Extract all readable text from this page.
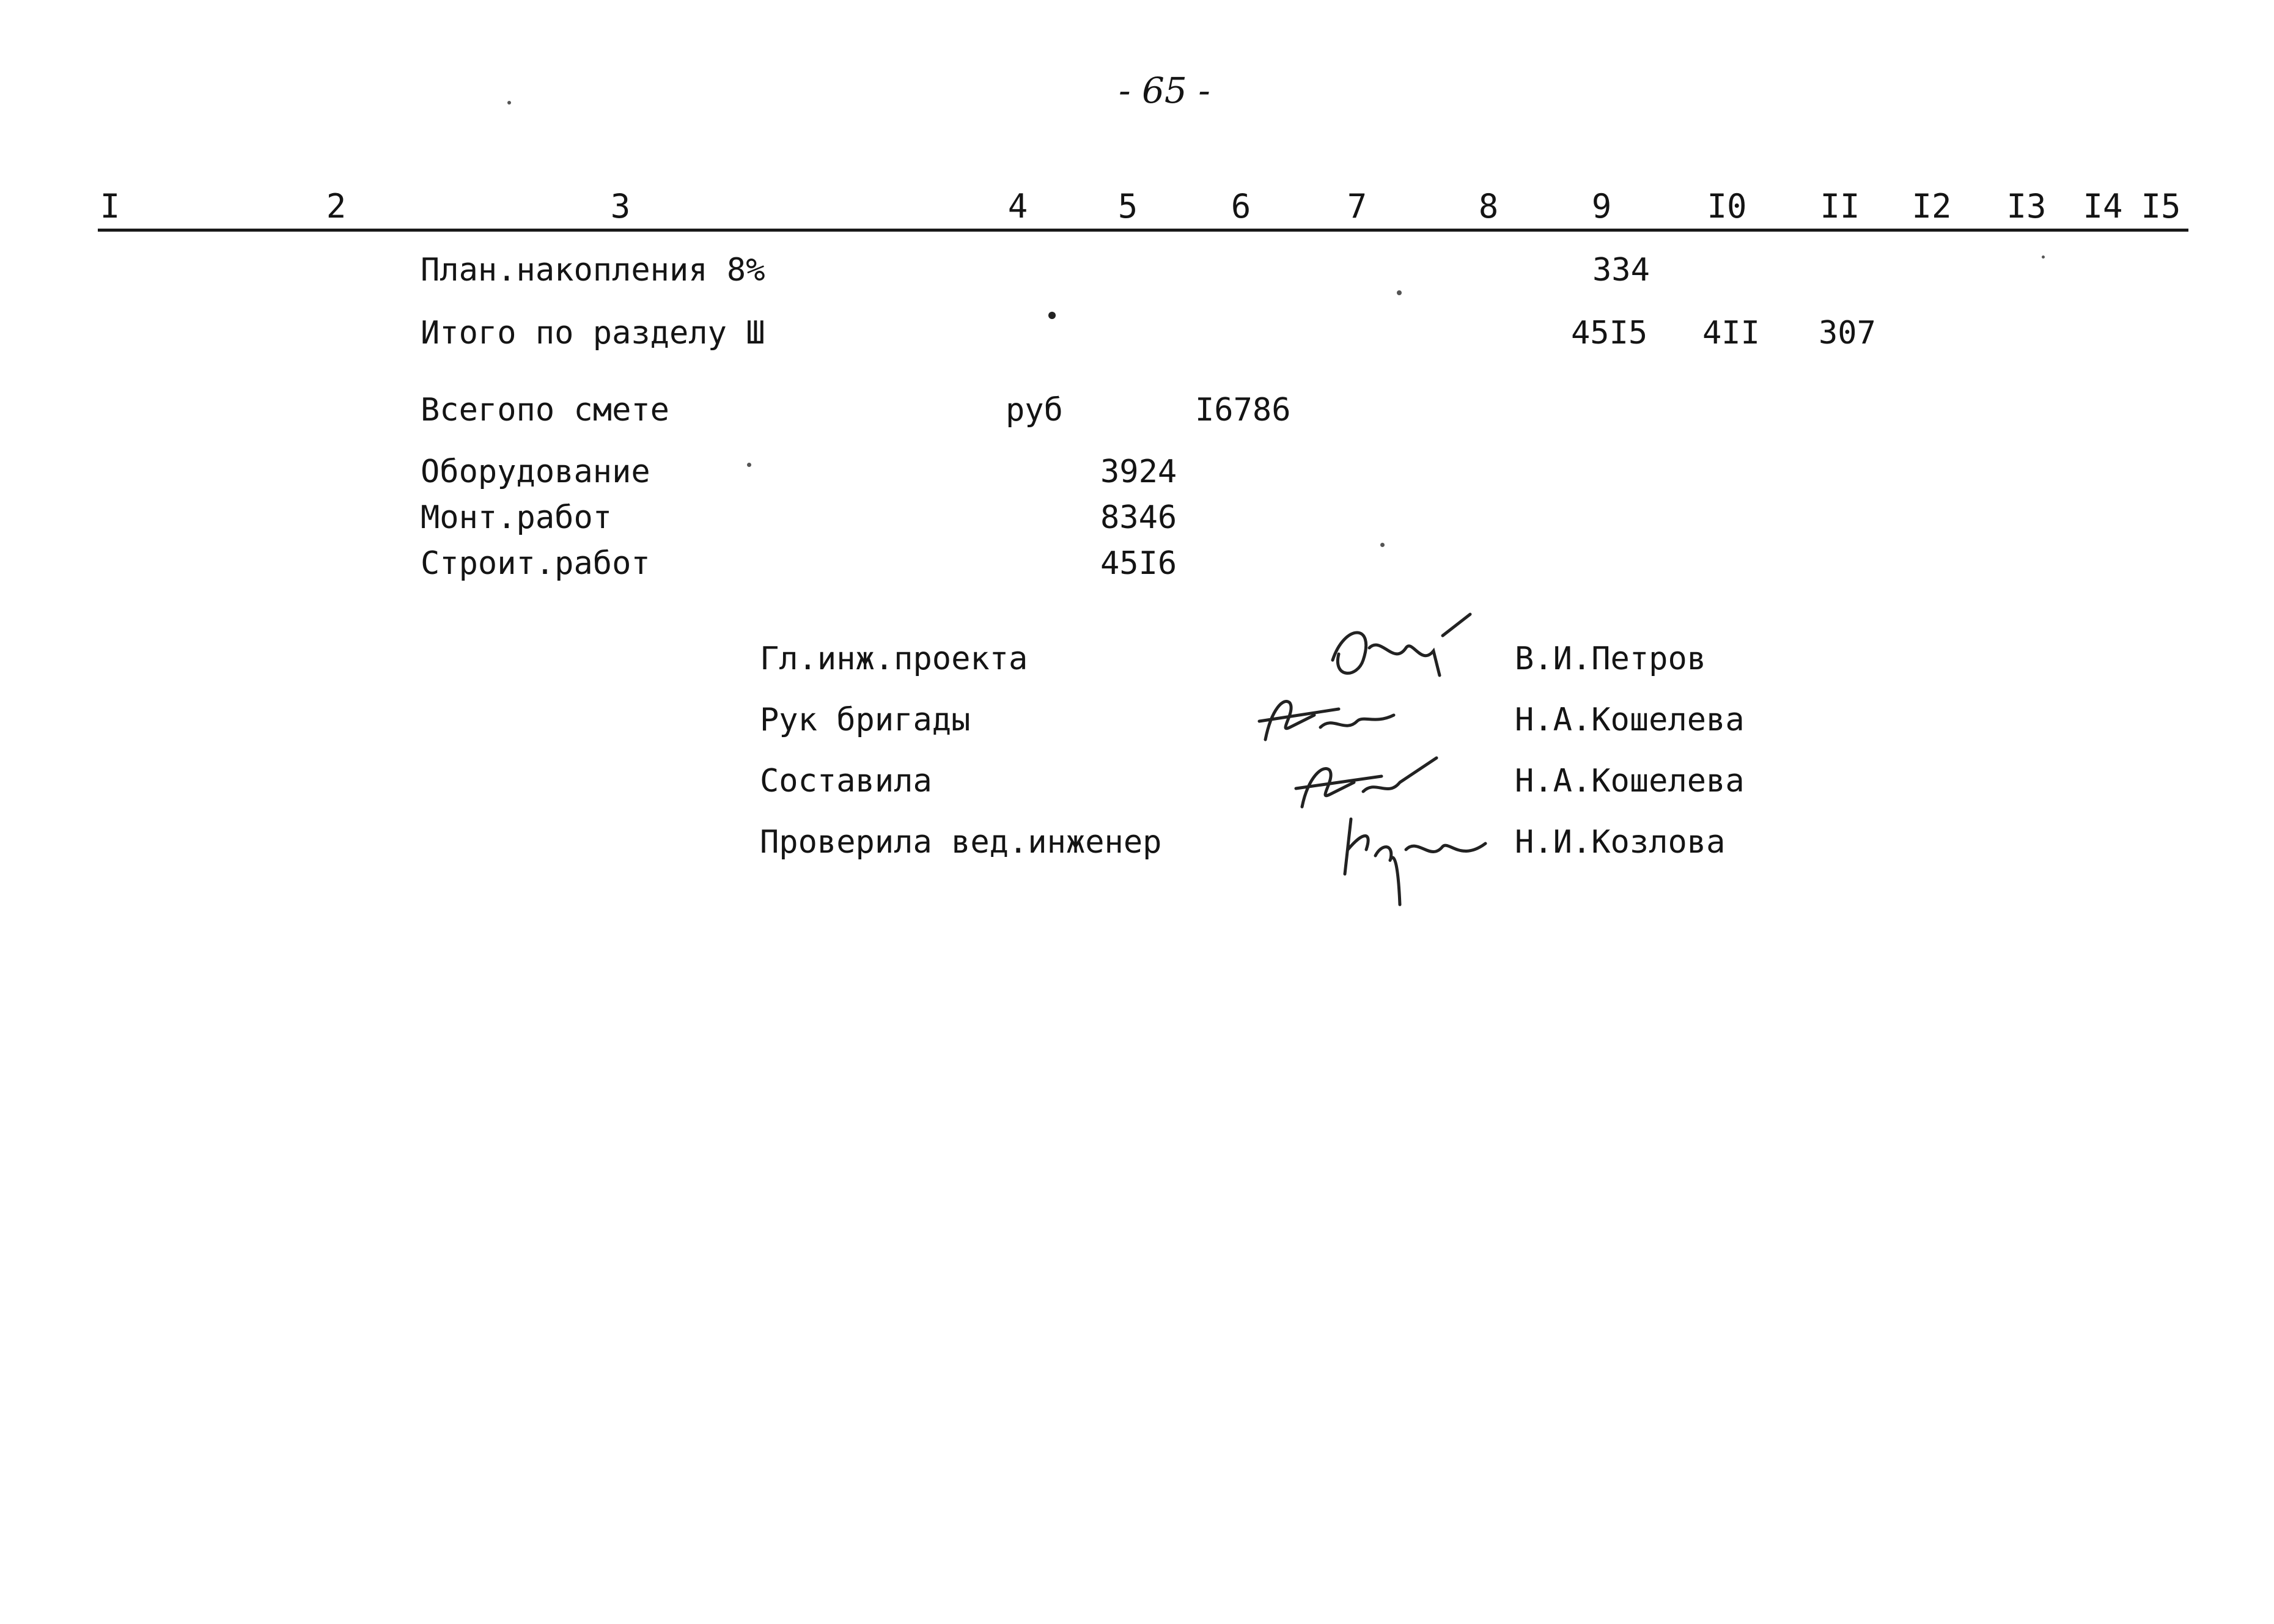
- 65 -
I	2	3	4	5	6	7	8	9	I0	II	I2	I3	I4 I5
План.накопления 8%	334
Итого по разделу Ш	45I5 4II 307
Всегопо смете	руб	I6786
Оборудование	3924
Монт.работ	8346
Строит.работ	45I6
Гл.инж.проекта	В.И.Петров
Рук бригады	Н.А.Кошелева
Составила	Н.А.Кошелева
Проверила вед.инженер	Н.И.Козлова
